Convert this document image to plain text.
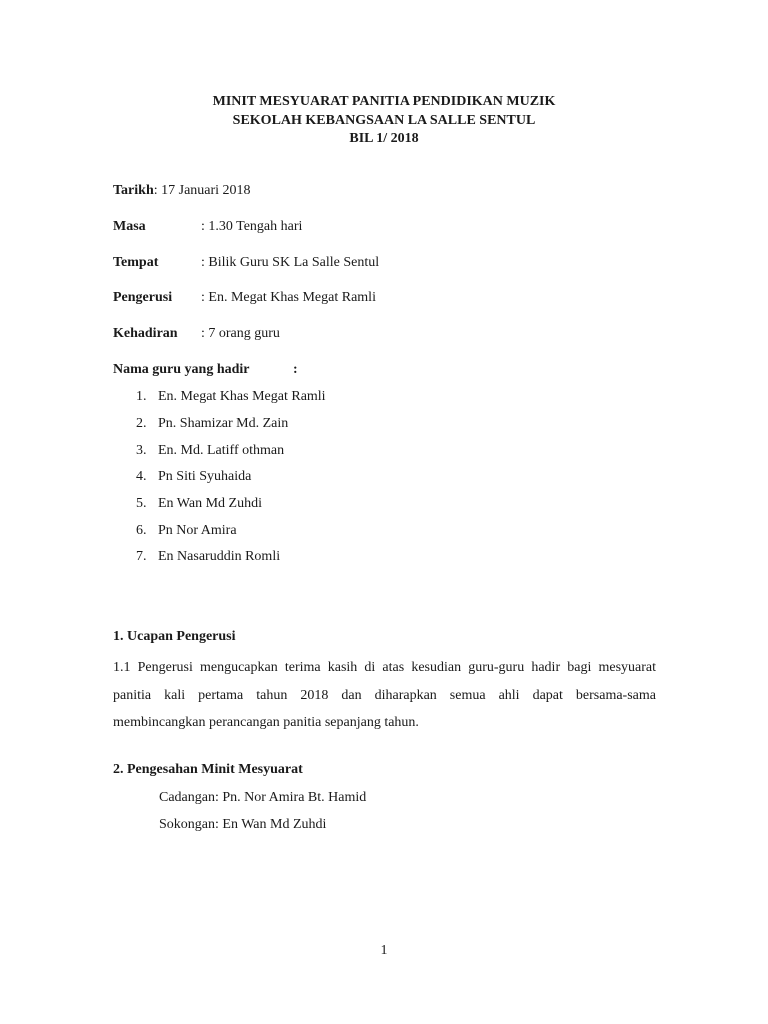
MINIT MESYUARAT PANITIA PENDIDIKAN MUZIK
SEKOLAH KEBANGSAAN LA SALLE SENTUL
BIL 1/ 2018
Tarikh: 17 Januari 2018
Masa	: 1.30 Tengah hari
Tempat	: Bilik Guru SK La Salle Sentul
Pengerusi : En. Megat Khas Megat Ramli
Kehadiran : 7 orang guru
Nama guru yang hadir	:
1. En. Megat Khas Megat Ramli
2. Pn. Shamizar Md. Zain
3. En. Md. Latiff othman
4. Pn Siti Syuhaida
5. En Wan Md Zuhdi
6. Pn Nor Amira
7. En Nasaruddin Romli
1. Ucapan Pengerusi
1.1 Pengerusi mengucapkan terima kasih di atas kesudian guru-guru hadir bagi mesyuarat panitia kali pertama tahun 2018 dan diharapkan semua ahli dapat bersama-sama membincangkan perancangan panitia sepanjang tahun.
2. Pengesahan Minit Mesyuarat
Cadangan: Pn. Nor Amira Bt. Hamid
Sokongan: En Wan Md Zuhdi
1
